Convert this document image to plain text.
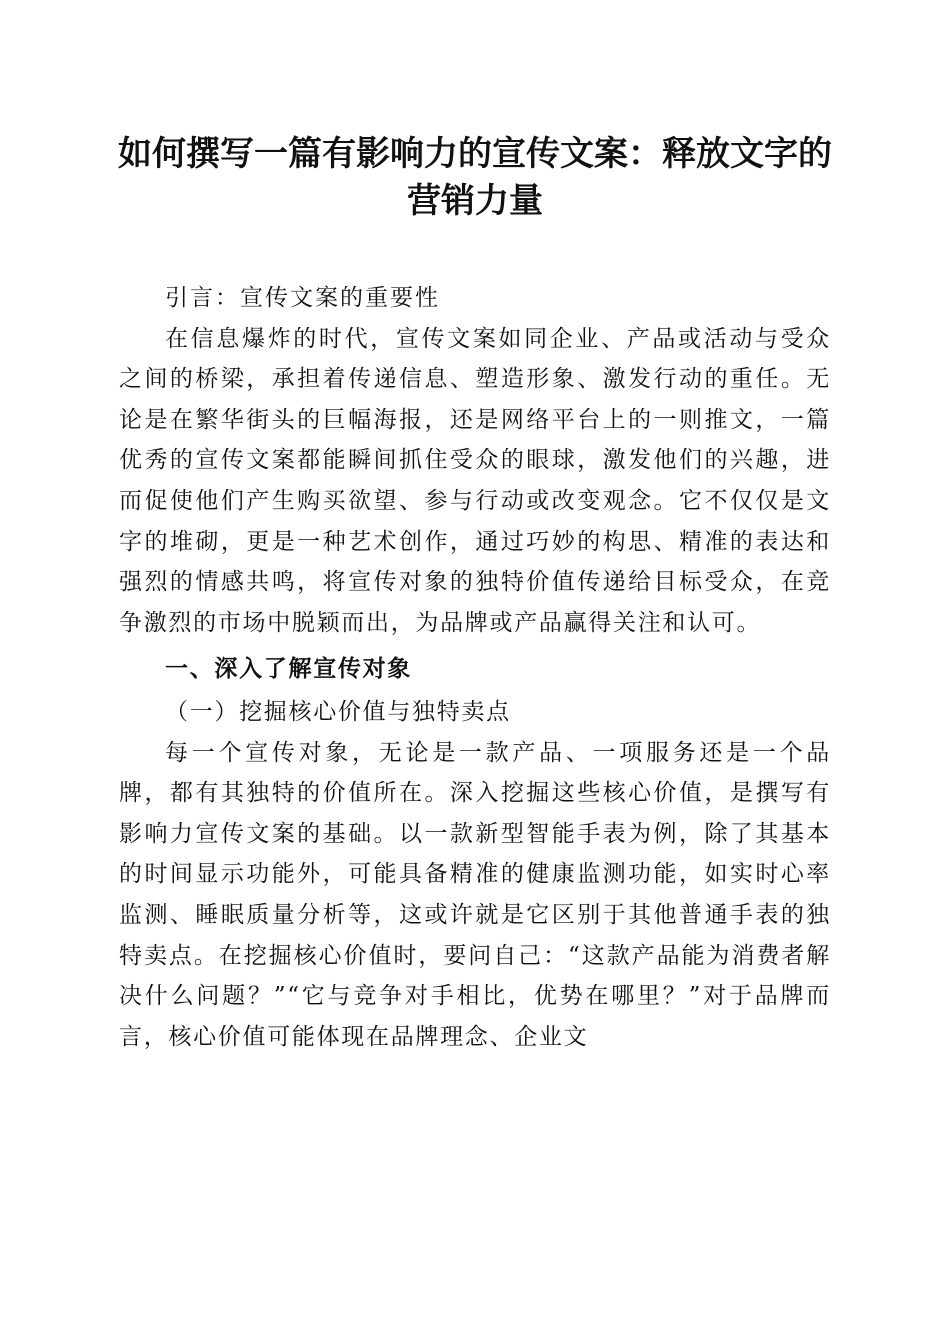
如何撰写一篇有影响力的宣传文案：释放文字的营销力量

引言：宣传文案的重要性

在信息爆炸的时代，宣传文案如同企业、产品或活动与受众之间的桥梁，承担着传递信息、塑造形象、激发行动的重任。无论是在繁华街头的巨幅海报，还是网络平台上的一则推文，一篇优秀的宣传文案都能瞬间抓住受众的眼球，激发他们的兴趣，进而促使他们产生购买欲望、参与行动或改变观念。它不仅仅是文字的堆砌，更是一种艺术创作，通过巧妙的构思、精准的表达和强烈的情感共鸣，将宣传对象的独特价值传递给目标受众，在竞争激烈的市场中脱颖而出，为品牌或产品赢得关注和认可。

一、深入了解宣传对象
（一）挖掘核心价值与独特卖点

每一个宣传对象，无论是一款产品、一项服务还是一个品牌，都有其独特的价值所在。深入挖掘这些核心价值，是撰写有影响力宣传文案的基础。以一款新型智能手表为例，除了其基本的时间显示功能外，可能具备精准的健康监测功能，如实时心率监测、睡眠质量分析等，这或许就是它区别于其他普通手表的独特卖点。在挖掘核心价值时，要问自己：“这款产品能为消费者解决什么问题？”“它与竞争对手相比，优势在哪里？”对于品牌而言，核心价值可能体现在品牌理念、企业文
